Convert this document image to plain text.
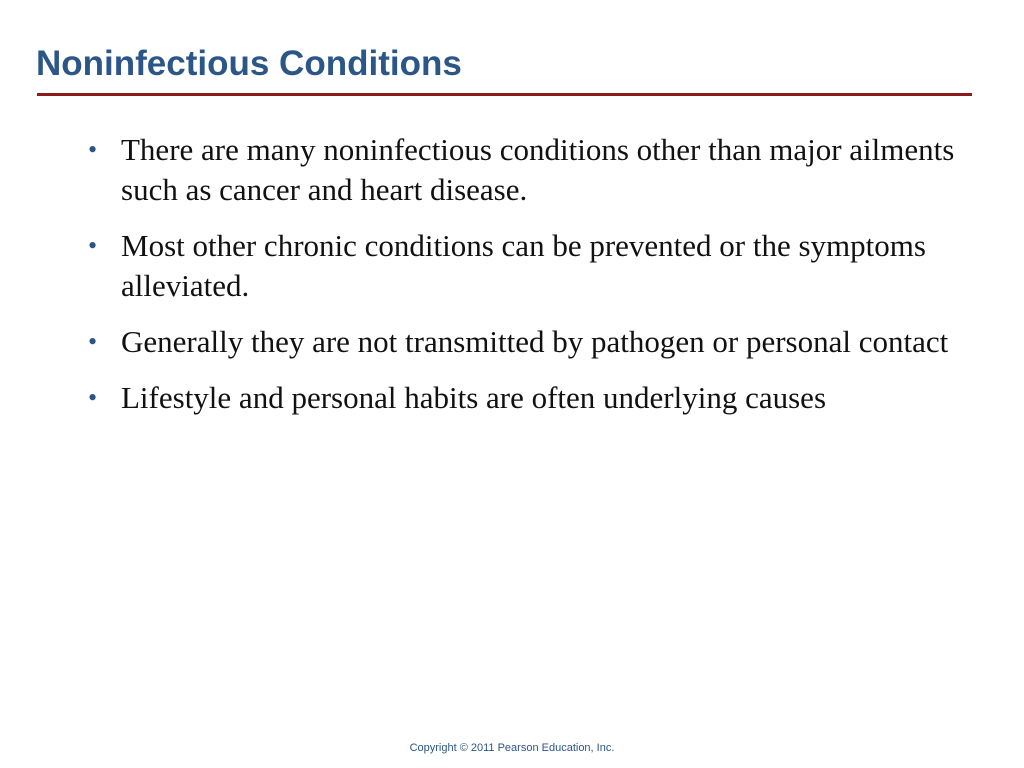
Noninfectious Conditions
• There are many noninfectious conditions other than major ailments such as cancer and heart disease.
• Most other chronic conditions can be prevented or the symptoms alleviated.
• Generally they are not transmitted by pathogen or personal contact
• Lifestyle and personal habits are often underlying causes
Copyright © 2011 Pearson Education, Inc.
